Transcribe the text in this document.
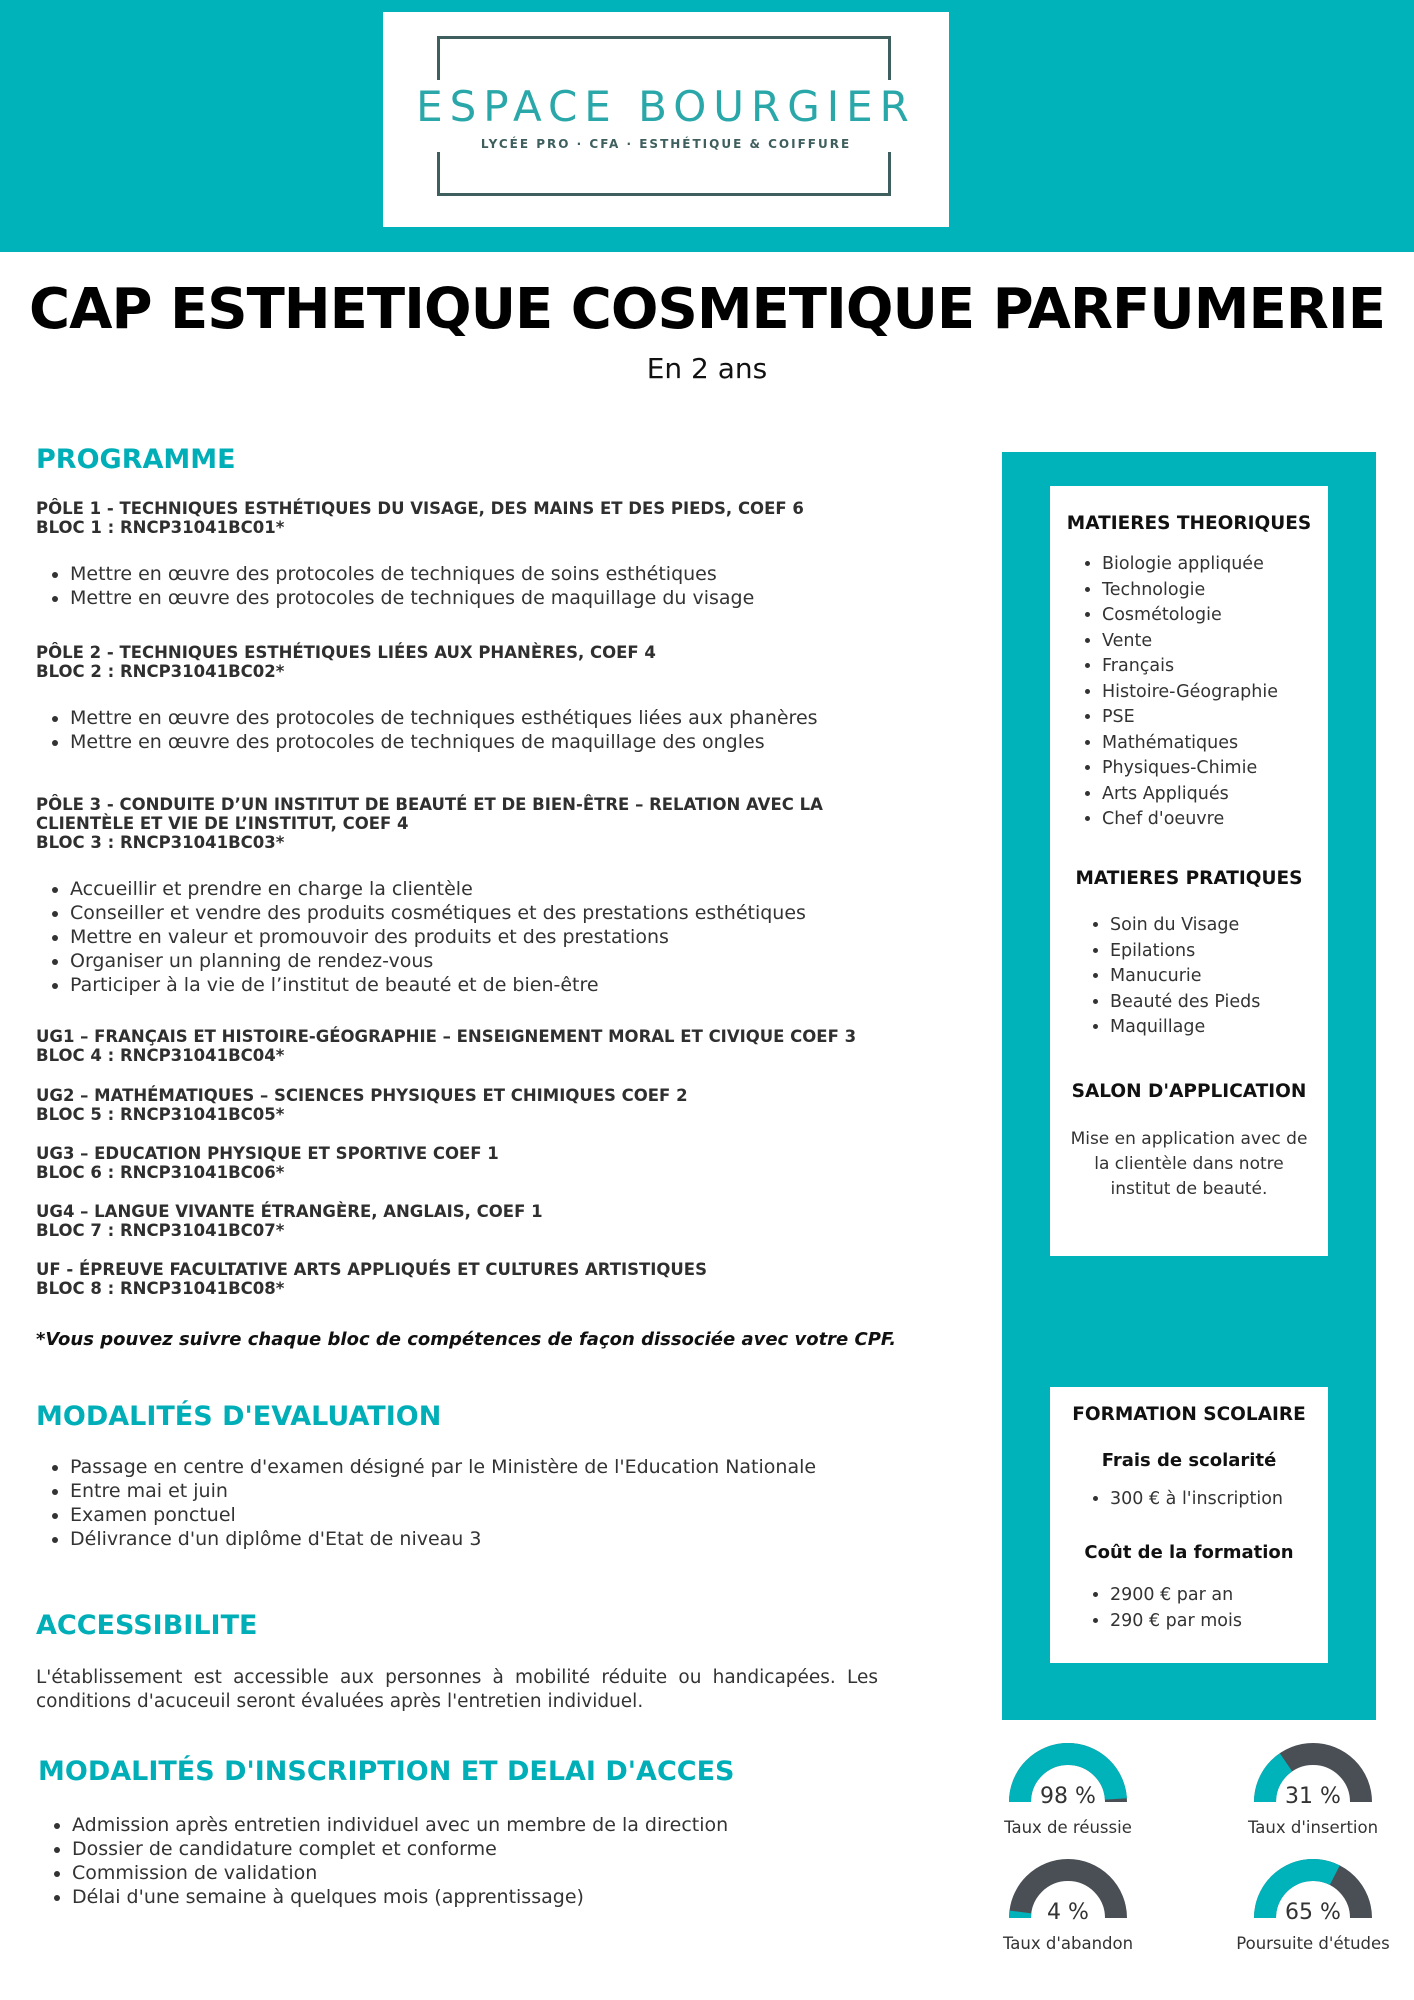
ESPACE BOURGIER
LYCÉE PRO · CFA · ESTHÉTIQUE & COIFFURE
CAP ESTHETIQUE COSMETIQUE PARFUMERIE
En 2 ans
PROGRAMME
PÔLE 1 - TECHNIQUES ESTHÉTIQUES DU VISAGE, DES MAINS ET DES PIEDS, COEF 6
BLOC 1 : RNCP31041BC01*
• Mettre en œuvre des protocoles de techniques de soins esthétiques
• Mettre en œuvre des protocoles de techniques de maquillage du visage
PÔLE 2 - TECHNIQUES ESTHÉTIQUES LIÉES AUX PHANÈRES, COEF 4
BLOC 2 : RNCP31041BC02*
• Mettre en œuvre des protocoles de techniques esthétiques liées aux phanères
• Mettre en œuvre des protocoles de techniques de maquillage des ongles
PÔLE 3 - CONDUITE D’UN INSTITUT DE BEAUTÉ ET DE BIEN-ÊTRE – RELATION AVEC LA
CLIENTÈLE ET VIE DE L’INSTITUT, COEF 4
BLOC 3 : RNCP31041BC03*
• Accueillir et prendre en charge la clientèle
• Conseiller et vendre des produits cosmétiques et des prestations esthétiques
• Mettre en valeur et promouvoir des produits et des prestations
• Organiser un planning de rendez-vous
• Participer à la vie de l’institut de beauté et de bien-être
UG1 – FRANÇAIS ET HISTOIRE-GÉOGRAPHIE – ENSEIGNEMENT MORAL ET CIVIQUE COEF 3
BLOC 4 : RNCP31041BC04*
UG2 – MATHÉMATIQUES – SCIENCES PHYSIQUES ET CHIMIQUES COEF 2
BLOC 5 : RNCP31041BC05*
UG3 – EDUCATION PHYSIQUE ET SPORTIVE COEF 1
BLOC 6 : RNCP31041BC06*
UG4 – LANGUE VIVANTE ÉTRANGÈRE, ANGLAIS, COEF 1
BLOC 7 : RNCP31041BC07*
UF - ÉPREUVE FACULTATIVE ARTS APPLIQUÉS ET CULTURES ARTISTIQUES
BLOC 8 : RNCP31041BC08*
*Vous pouvez suivre chaque bloc de compétences de façon dissociée avec votre CPF.
MODALITÉS D'EVALUATION
• Passage en centre d'examen désigné par le Ministère de l'Education Nationale
• Entre mai et juin
• Examen ponctuel
• Délivrance d'un diplôme d'Etat de niveau 3
ACCESSIBILITE
L'établissement est accessible aux personnes à mobilité réduite ou handicapées. Les conditions d'acuceuil seront évaluées après l'entretien individuel.
MODALITÉS D'INSCRIPTION ET DELAI D'ACCES
• Admission après entretien individuel avec un membre de la direction
• Dossier de candidature complet et conforme
• Commission de validation
• Délai d'une semaine à quelques mois (apprentissage)
MATIERES THEORIQUES
• Biologie appliquée
• Technologie
• Cosmétologie
• Vente
• Français
• Histoire-Géographie
• PSE
• Mathématiques
• Physiques-Chimie
• Arts Appliqués
• Chef d'oeuvre
MATIERES PRATIQUES
• Soin du Visage
• Epilations
• Manucurie
• Beauté des Pieds
• Maquillage
SALON D'APPLICATION
Mise en application avec de la clientèle dans notre institut de beauté.
FORMATION SCOLAIRE
Frais de scolarité
• 300 € à l'inscription
Coût de la formation
• 2900 € par an
• 290 € par mois
98 %
Taux de réussie
31 %
Taux d'insertion
4 %
Taux d'abandon
65 %
Poursuite d'études
